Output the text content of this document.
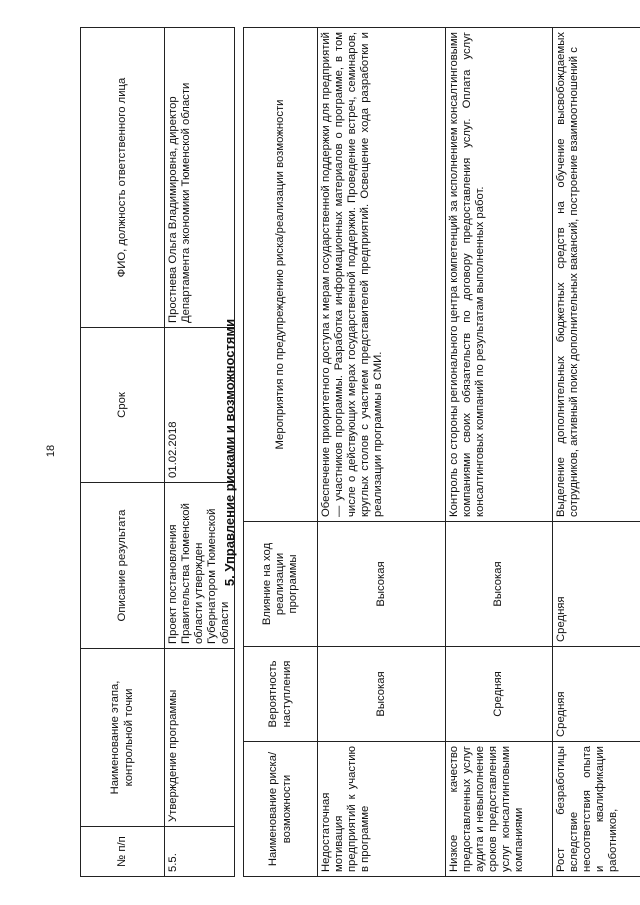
18
№ п/п	Наименование этапа, контрольной точки	Описание результата	Срок	ФИО, должность ответственного лица
5.5.	Утверждение программы	Проект постановления Правительства Тюменской области утвержден Губернатором Тюменской области	01.02.2018	Простнева Ольга Владимировна, директор Департамента экономики Тюменской области
5. Управление рисками и возможностями
Наименование риска/возможности	Вероятность наступления	Влияние на ход реализации программы	Мероприятия по предупреждению риска/реализации возможности
Недостаточная мотивация предприятий к участию в программе	Высокая	Высокая	Обеспечение приоритетного доступа к мерам государственной поддержки для предприятий — участников программы. Разработка информационных материалов о программе, в том числе о действующих мерах государственной поддержки. Проведение встреч, семинаров, круглых столов с участием представителей предприятий. Освещение хода разработки и реализации программы в СМИ.
Низкое качество предоставленных услуг аудита и невыполнение сроков предоставления услуг консалтинговыми компаниями	Средняя	Высокая	Контроль со стороны регионального центра компетенций за исполнением консалтинговыми компаниями своих обязательств по договору предоставления услуг. Оплата услуг консалтинговых компаний по результатам выполненных работ.
Рост безработицы вследствие несоответствия опыта и квалификации работников,	Средняя	Средняя	Выделение дополнительных бюджетных средств на обучение высвобождаемых сотрудников, активный поиск дополнительных вакансий, построение взаимоотношений с
